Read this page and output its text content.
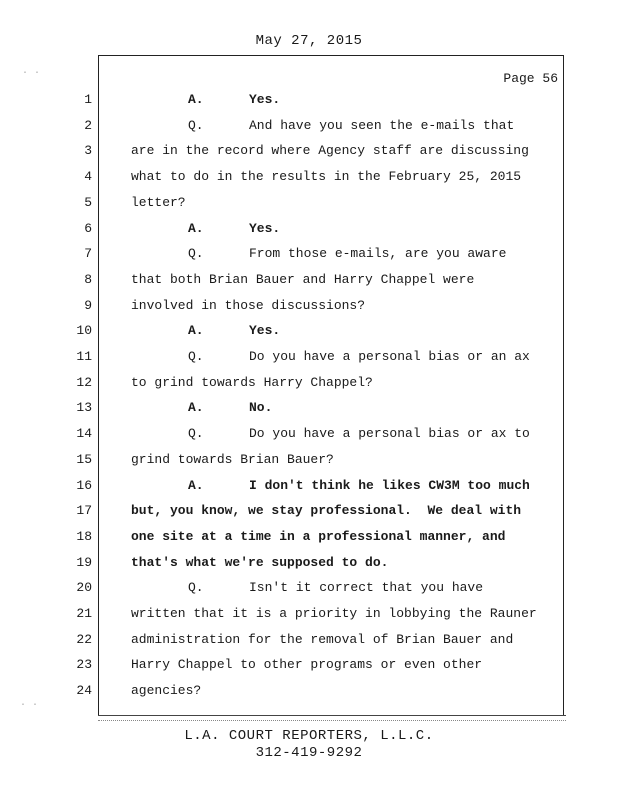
May 27, 2015
Page 56
1	A.	Yes.
2	Q.	And have you seen the e-mails that
3	are in the record where Agency staff are discussing
4	what to do in the results in the February 25, 2015
5	letter?
6	A.	Yes.
7	Q.	From those e-mails, are you aware
8	that both Brian Bauer and Harry Chappel were
9	involved in those discussions?
10	A.	Yes.
11	Q.	Do you have a personal bias or an ax
12	to grind towards Harry Chappel?
13	A.	No.
14	Q.	Do you have a personal bias or ax to
15	grind towards Brian Bauer?
16	A.	I don't think he likes CW3M too much
17	but, you know, we stay professional.  We deal with
18	one site at a time in a professional manner, and
19	that's what we're supposed to do.
20	Q.	Isn't it correct that you have
21	written that it is a priority in lobbying the Rauner
22	administration for the removal of Brian Bauer and
23	Harry Chappel to other programs or even other
24	agencies?
L.A. COURT REPORTERS, L.L.C.
312-419-9292
· ·
· ·
